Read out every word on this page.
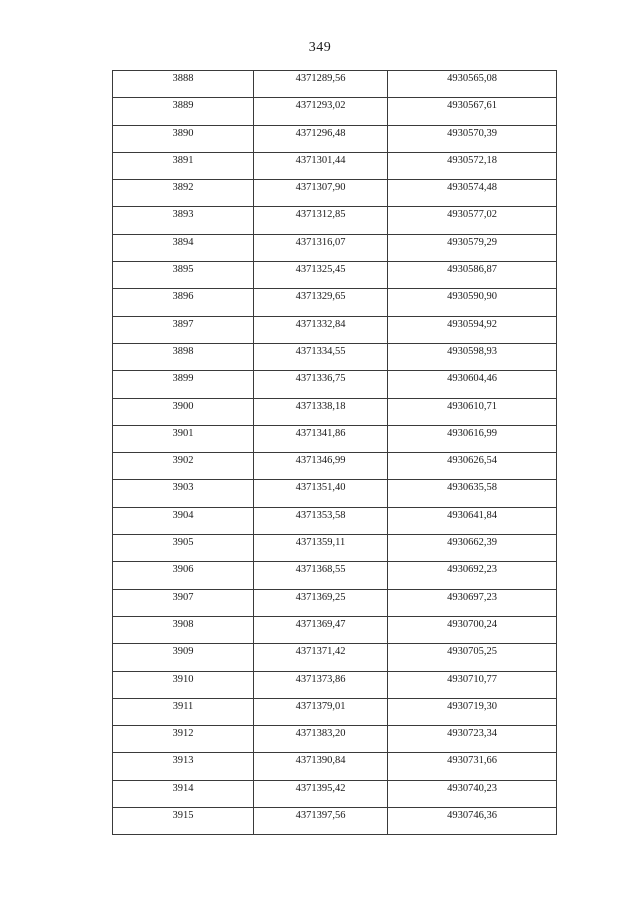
349
3888	4371289,56	4930565,08

3889	4371293,02	4930567,61

3890	4371296,48	4930570,39

3891	4371301,44	4930572,18

3892	4371307,90	4930574,48

3893	4371312,85	4930577,02

3894	4371316,07	4930579,29

3895	4371325,45	4930586,87

3896	4371329,65	4930590,90

3897	4371332,84	4930594,92

3898	4371334,55	4930598,93

3899	4371336,75	4930604,46

3900	4371338,18	4930610,71

3901	4371341,86	4930616,99

3902	4371346,99	4930626,54

3903	4371351,40	4930635,58

3904	4371353,58	4930641,84

3905	4371359,11	4930662,39

3906	4371368,55	4930692,23

3907	4371369,25	4930697,23

3908	4371369,47	4930700,24

3909	4371371,42	4930705,25

3910	4371373,86	4930710,77

3911	4371379,01	4930719,30

3912	4371383,20	4930723,34

3913	4371390,84	4930731,66

3914	4371395,42	4930740,23

3915	4371397,56	4930746,36
